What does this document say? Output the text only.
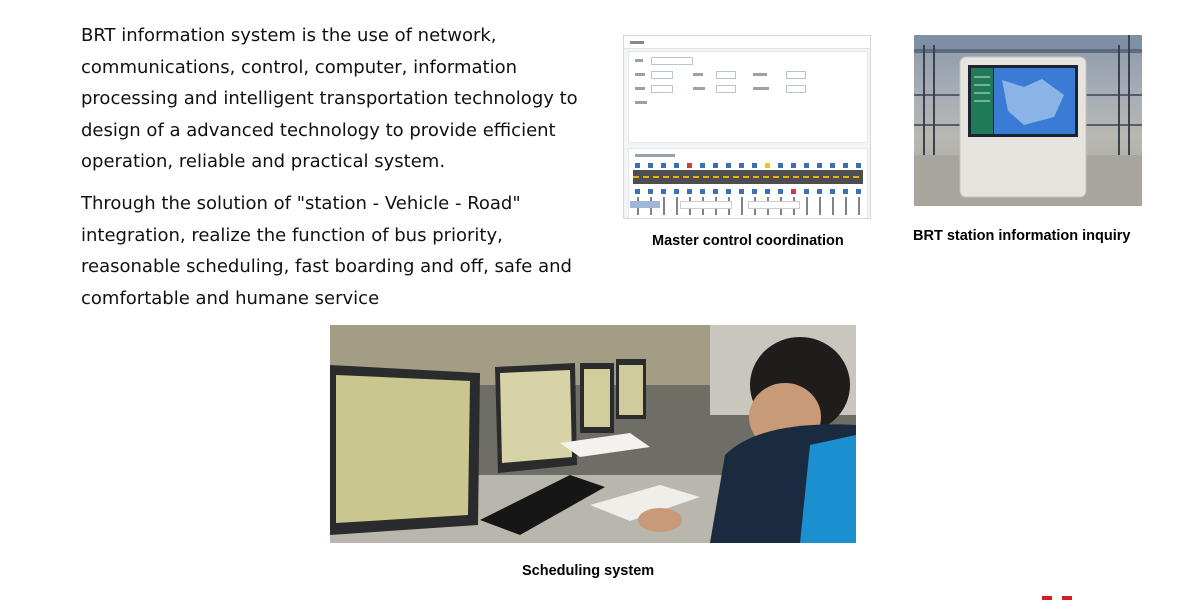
BRT information system is the use of network, communications, control, computer, information processing and intelligent transportation technology to design of a advanced technology to provide efficient operation, reliable and practical system.

Through the solution of "station - Vehicle - Road" integration, realize the function of bus priority, reasonable scheduling, fast boarding and off, safe and comfortable and humane service

Master control coordination	BRT station information inquiry
Scheduling system
